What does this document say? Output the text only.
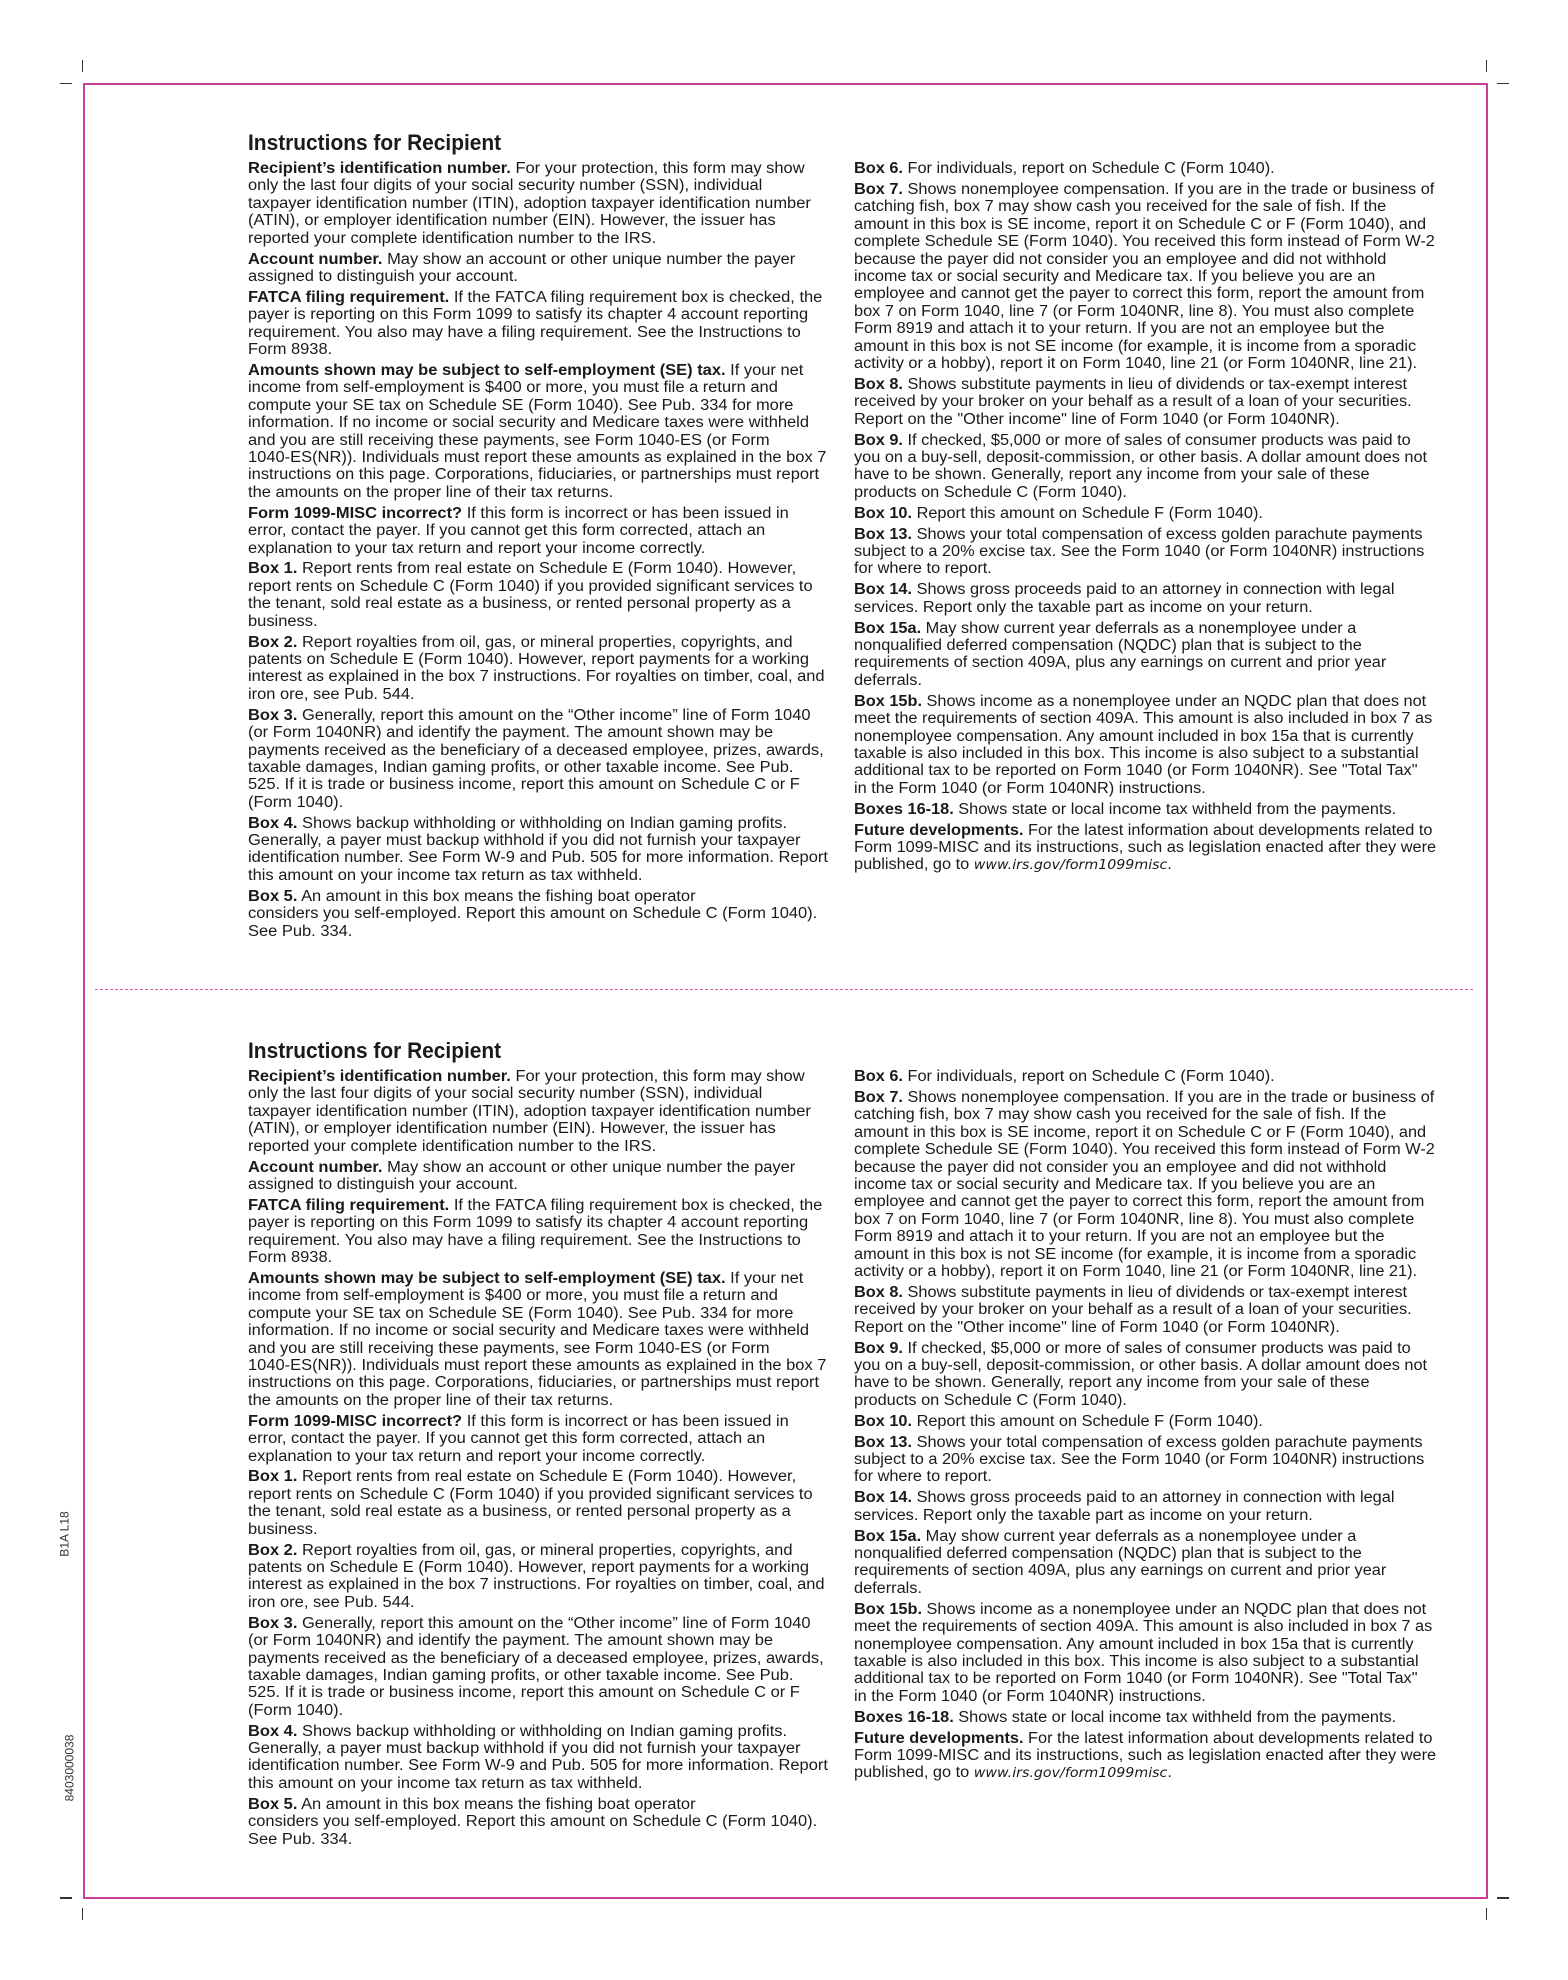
B1A L18
8403000038
Instructions for Recipient
Recipient’s identification number. For your protection, this form may show
only the last four digits of your social security number (SSN), individual
taxpayer identification number (ITIN), adoption taxpayer identification number
(ATIN), or employer identification number (EIN). However, the issuer has
reported your complete identification number to the IRS.
Account number. May show an account or other unique number the payer
assigned to distinguish your account.
FATCA filing requirement. If the FATCA filing requirement box is checked, the
payer is reporting on this Form 1099 to satisfy its chapter 4 account reporting
requirement. You also may have a filing requirement. See the Instructions to
Form 8938.
Amounts shown may be subject to self-employment (SE) tax. If your net
income from self-employment is $400 or more, you must file a return and
compute your SE tax on Schedule SE (Form 1040). See Pub. 334 for more
information. If no income or social security and Medicare taxes were withheld
and you are still receiving these payments, see Form 1040-ES (or Form
1040-ES(NR)). Individuals must report these amounts as explained in the box 7
instructions on this page. Corporations, fiduciaries, or partnerships must report
the amounts on the proper line of their tax returns.
Form 1099-MISC incorrect? If this form is incorrect or has been issued in
error, contact the payer. If you cannot get this form corrected, attach an
explanation to your tax return and report your income correctly.
Box 1. Report rents from real estate on Schedule E (Form 1040). However,
report rents on Schedule C (Form 1040) if you provided significant services to
the tenant, sold real estate as a business, or rented personal property as a
business.
Box 2. Report royalties from oil, gas, or mineral properties, copyrights, and
patents on Schedule E (Form 1040). However, report payments for a working
interest as explained in the box 7 instructions. For royalties on timber, coal, and
iron ore, see Pub. 544.
Box 3. Generally, report this amount on the “Other income” line of Form 1040
(or Form 1040NR) and identify the payment. The amount shown may be
payments received as the beneficiary of a deceased employee, prizes, awards,
taxable damages, Indian gaming profits, or other taxable income. See Pub.
525. If it is trade or business income, report this amount on Schedule C or F
(Form 1040).
Box 4. Shows backup withholding or withholding on Indian gaming profits.
Generally, a payer must backup withhold if you did not furnish your taxpayer
identification number. See Form W-9 and Pub. 505 for more information. Report
this amount on your income tax return as tax withheld.
Box 5. An amount in this box means the fishing boat operator
considers you self-employed. Report this amount on Schedule C (Form 1040).
See Pub. 334.
Box 6. For individuals, report on Schedule C (Form 1040).
Box 7. Shows nonemployee compensation. If you are in the trade or business of
catching fish, box 7 may show cash you received for the sale of fish. If the
amount in this box is SE income, report it on Schedule C or F (Form 1040), and
complete Schedule SE (Form 1040). You received this form instead of Form W-2
because the payer did not consider you an employee and did not withhold
income tax or social security and Medicare tax. If you believe you are an
employee and cannot get the payer to correct this form, report the amount from
box 7 on Form 1040, line 7 (or Form 1040NR, line 8). You must also complete
Form 8919 and attach it to your return. If you are not an employee but the
amount in this box is not SE income (for example, it is income from a sporadic
activity or a hobby), report it on Form 1040, line 21 (or Form 1040NR, line 21).
Box 8. Shows substitute payments in lieu of dividends or tax-exempt interest
received by your broker on your behalf as a result of a loan of your securities.
Report on the "Other income" line of Form 1040 (or Form 1040NR).
Box 9. If checked, $5,000 or more of sales of consumer products was paid to
you on a buy-sell, deposit-commission, or other basis. A dollar amount does not
have to be shown. Generally, report any income from your sale of these
products on Schedule C (Form 1040).
Box 10. Report this amount on Schedule F (Form 1040).
Box 13. Shows your total compensation of excess golden parachute payments
subject to a 20% excise tax. See the Form 1040 (or Form 1040NR) instructions
for where to report.
Box 14. Shows gross proceeds paid to an attorney in connection with legal
services. Report only the taxable part as income on your return.
Box 15a. May show current year deferrals as a nonemployee under a
nonqualified deferred compensation (NQDC) plan that is subject to the
requirements of section 409A, plus any earnings on current and prior year
deferrals.
Box 15b. Shows income as a nonemployee under an NQDC plan that does not
meet the requirements of section 409A. This amount is also included in box 7 as
nonemployee compensation. Any amount included in box 15a that is currently
taxable is also included in this box. This income is also subject to a substantial
additional tax to be reported on Form 1040 (or Form 1040NR). See "Total Tax"
in the Form 1040 (or Form 1040NR) instructions.
Boxes 16-18. Shows state or local income tax withheld from the payments.
Future developments. For the latest information about developments related to
Form 1099-MISC and its instructions, such as legislation enacted after they were
published, go to www.irs.gov/form1099misc.
Instructions for Recipient
Recipient’s identification number. For your protection, this form may show
only the last four digits of your social security number (SSN), individual
taxpayer identification number (ITIN), adoption taxpayer identification number
(ATIN), or employer identification number (EIN). However, the issuer has
reported your complete identification number to the IRS.
Account number. May show an account or other unique number the payer
assigned to distinguish your account.
FATCA filing requirement. If the FATCA filing requirement box is checked, the
payer is reporting on this Form 1099 to satisfy its chapter 4 account reporting
requirement. You also may have a filing requirement. See the Instructions to
Form 8938.
Amounts shown may be subject to self-employment (SE) tax. If your net
income from self-employment is $400 or more, you must file a return and
compute your SE tax on Schedule SE (Form 1040). See Pub. 334 for more
information. If no income or social security and Medicare taxes were withheld
and you are still receiving these payments, see Form 1040-ES (or Form
1040-ES(NR)). Individuals must report these amounts as explained in the box 7
instructions on this page. Corporations, fiduciaries, or partnerships must report
the amounts on the proper line of their tax returns.
Form 1099-MISC incorrect? If this form is incorrect or has been issued in
error, contact the payer. If you cannot get this form corrected, attach an
explanation to your tax return and report your income correctly.
Box 1. Report rents from real estate on Schedule E (Form 1040). However,
report rents on Schedule C (Form 1040) if you provided significant services to
the tenant, sold real estate as a business, or rented personal property as a
business.
Box 2. Report royalties from oil, gas, or mineral properties, copyrights, and
patents on Schedule E (Form 1040). However, report payments for a working
interest as explained in the box 7 instructions. For royalties on timber, coal, and
iron ore, see Pub. 544.
Box 3. Generally, report this amount on the “Other income” line of Form 1040
(or Form 1040NR) and identify the payment. The amount shown may be
payments received as the beneficiary of a deceased employee, prizes, awards,
taxable damages, Indian gaming profits, or other taxable income. See Pub.
525. If it is trade or business income, report this amount on Schedule C or F
(Form 1040).
Box 4. Shows backup withholding or withholding on Indian gaming profits.
Generally, a payer must backup withhold if you did not furnish your taxpayer
identification number. See Form W-9 and Pub. 505 for more information. Report
this amount on your income tax return as tax withheld.
Box 5. An amount in this box means the fishing boat operator
considers you self-employed. Report this amount on Schedule C (Form 1040).
See Pub. 334.
Box 6. For individuals, report on Schedule C (Form 1040).
Box 7. Shows nonemployee compensation. If you are in the trade or business of
catching fish, box 7 may show cash you received for the sale of fish. If the
amount in this box is SE income, report it on Schedule C or F (Form 1040), and
complete Schedule SE (Form 1040). You received this form instead of Form W-2
because the payer did not consider you an employee and did not withhold
income tax or social security and Medicare tax. If you believe you are an
employee and cannot get the payer to correct this form, report the amount from
box 7 on Form 1040, line 7 (or Form 1040NR, line 8). You must also complete
Form 8919 and attach it to your return. If you are not an employee but the
amount in this box is not SE income (for example, it is income from a sporadic
activity or a hobby), report it on Form 1040, line 21 (or Form 1040NR, line 21).
Box 8. Shows substitute payments in lieu of dividends or tax-exempt interest
received by your broker on your behalf as a result of a loan of your securities.
Report on the "Other income" line of Form 1040 (or Form 1040NR).
Box 9. If checked, $5,000 or more of sales of consumer products was paid to
you on a buy-sell, deposit-commission, or other basis. A dollar amount does not
have to be shown. Generally, report any income from your sale of these
products on Schedule C (Form 1040).
Box 10. Report this amount on Schedule F (Form 1040).
Box 13. Shows your total compensation of excess golden parachute payments
subject to a 20% excise tax. See the Form 1040 (or Form 1040NR) instructions
for where to report.
Box 14. Shows gross proceeds paid to an attorney in connection with legal
services. Report only the taxable part as income on your return.
Box 15a. May show current year deferrals as a nonemployee under a
nonqualified deferred compensation (NQDC) plan that is subject to the
requirements of section 409A, plus any earnings on current and prior year
deferrals.
Box 15b. Shows income as a nonemployee under an NQDC plan that does not
meet the requirements of section 409A. This amount is also included in box 7 as
nonemployee compensation. Any amount included in box 15a that is currently
taxable is also included in this box. This income is also subject to a substantial
additional tax to be reported on Form 1040 (or Form 1040NR). See "Total Tax"
in the Form 1040 (or Form 1040NR) instructions.
Boxes 16-18. Shows state or local income tax withheld from the payments.
Future developments. For the latest information about developments related to
Form 1099-MISC and its instructions, such as legislation enacted after they were
published, go to www.irs.gov/form1099misc.
